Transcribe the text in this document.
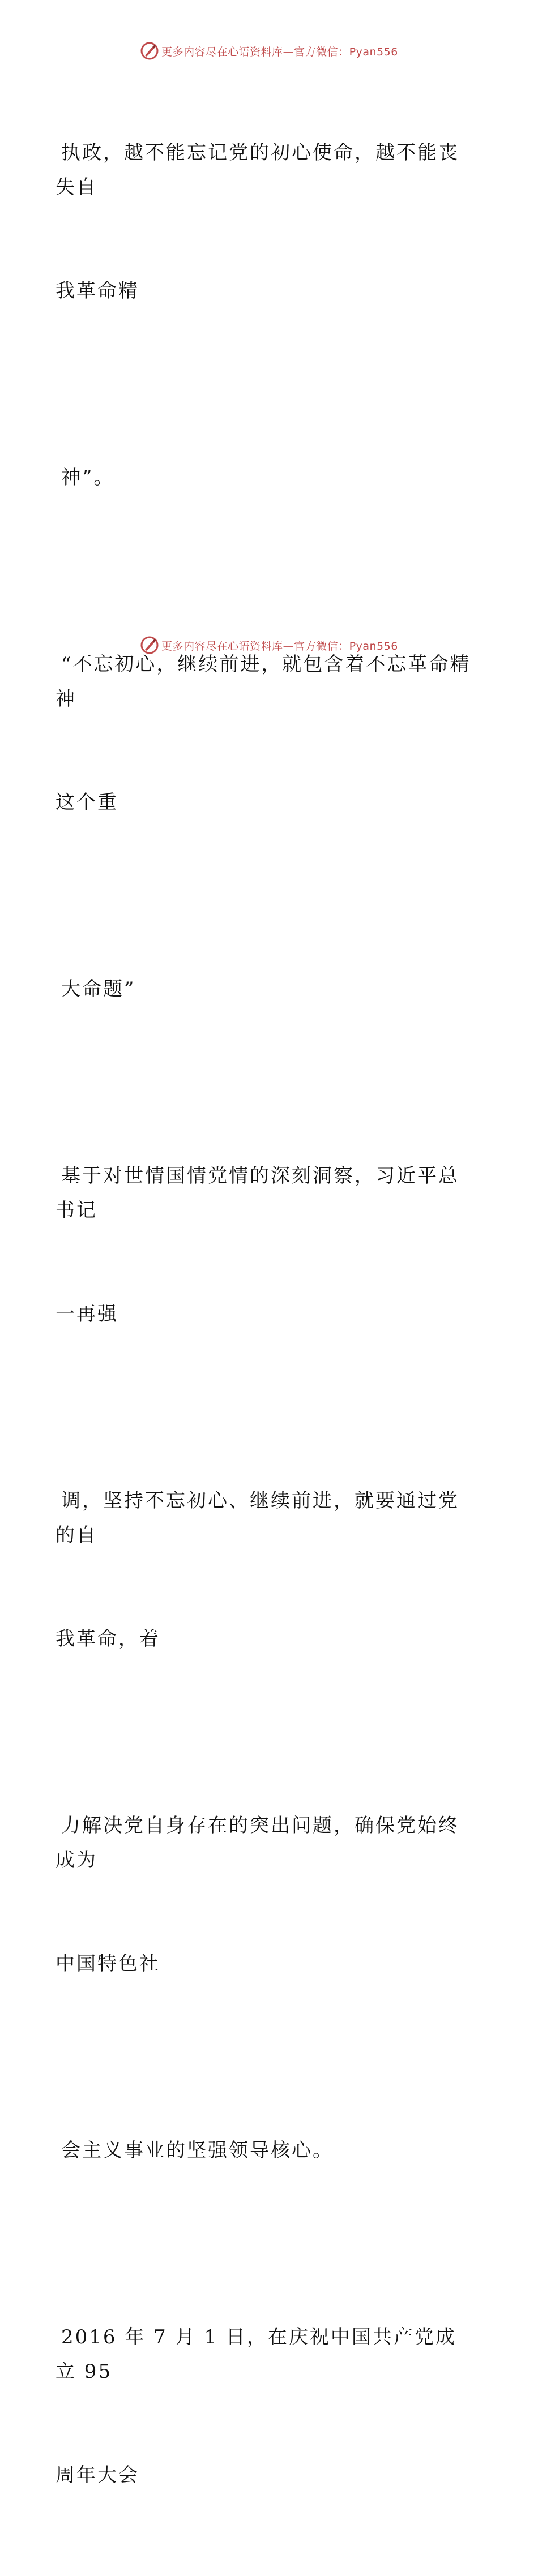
更多内容尽在心语资料库—官方微信：Pyan556

执政，越不能忘记党的初心使命，越不能丧失自

我革命精

神”。

“不忘初心，继续前进，就包含着不忘革命精神

这个重

大命题”

基于对世情国情党情的深刻洞察，习近平总书记

一再强

调，坚持不忘初心、继续前进，就要通过党的自

我革命，着

力解决党自身存在的突出问题，确保党始终成为

中国特色社

会主义事业的坚强领导核心。

2016 年 7 月 1 日，在庆祝中国共产党成立 95

周年大会

更多内容尽在心语资料库—官方微信：Pyan556
